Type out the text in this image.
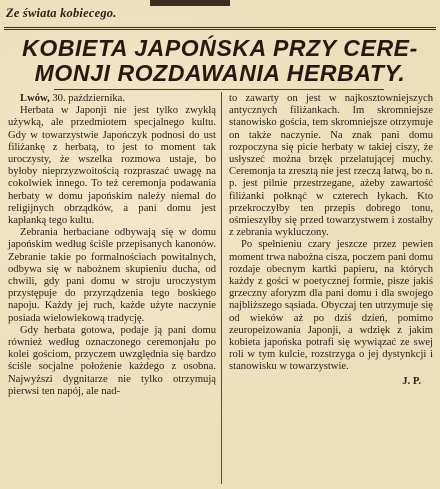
Ze świata kobiecego.
KOBIETA JAPOŃSKA PRZY CERE-
MONJI ROZDAWANIA HERBATY.

Lwów, 30. października.

Herbata w Japonji nie jest tylko zwykłą używką, ale przedmiotem specjalnego kultu. Gdy w towarzystwie Japończyk podnosi do ust filiżankę z herbatą, to jest to moment tak uroczysty, że wszelka rozmowa ustaje, bo byłoby nieprzyzwoitością rozpraszać uwagę na cokolwiek innego. To też ceremonja podawania herbaty w domu japońskim należy niemal do religijnych obrządków, a pani domu jest kapłanką tego kultu.

Zebrania herbaciane odbywają się w domu japońskim według ściśle przepisanych kanonów. Zebranie takie po formalnościach powitalnych, odbywa się w nabożnem skupieniu ducha, od chwili, gdy pani domu w stroju uroczystym przystępuje do przyrządzenia tego boskiego napoju. Każdy jej ruch, każde użyte naczynie posiada wielowiekową tradycję.

Gdy herbata gotowa, podaje ją pani domu również według oznaczonego ceremonjału po kolei gościom, przyczem uwzględnia się bardzo ściśle socjalne położenie każdego z osobna. Najwyższi dygnitarze nie tylko otrzymują pierwsi ten napój, ale nad-

to zawarty on jest w najkosztowniejszych antycznych filiżankach. Im skromniejsze stanowisko gościa, tem skromniejsze otrzymuje on także naczynie. Na znak pani domu rozpoczyna się picie herbaty w takiej ciszy, że usłyszeć można brzęk przelatującej muchy. Ceremonja ta zresztą nie jest rzeczą łatwą, bo n. p. jest pilnie przestrzegane, ażeby zawartość filiżanki połknąć w czterech łykach. Kto przekroczyłby ten przepis dobrego tonu, ośmieszyłby się przed towarzystwem i zostałby z zebrania wykluczony.

Po spełnieniu czary jeszcze przez pewien moment trwa nabożna cisza, poczem pani domu rozdaje obecnym kartki papieru, na których każdy z gości w poetycznej formie, pisze jakiś grzeczny aforyzm dla pani domu i dla swojego najbliższego sąsiada. Obyczaj ten utrzymuje się od wieków aż po dziś dzień, pomimo zeuropeizowania Japonji, a wdzięk z jakim kobieta japońska potrafi się wywiązać ze swej roli w tym kulcie, rozstrzyga o jej dystynkcji i stanowisku w towarzystwie.

J. P.
